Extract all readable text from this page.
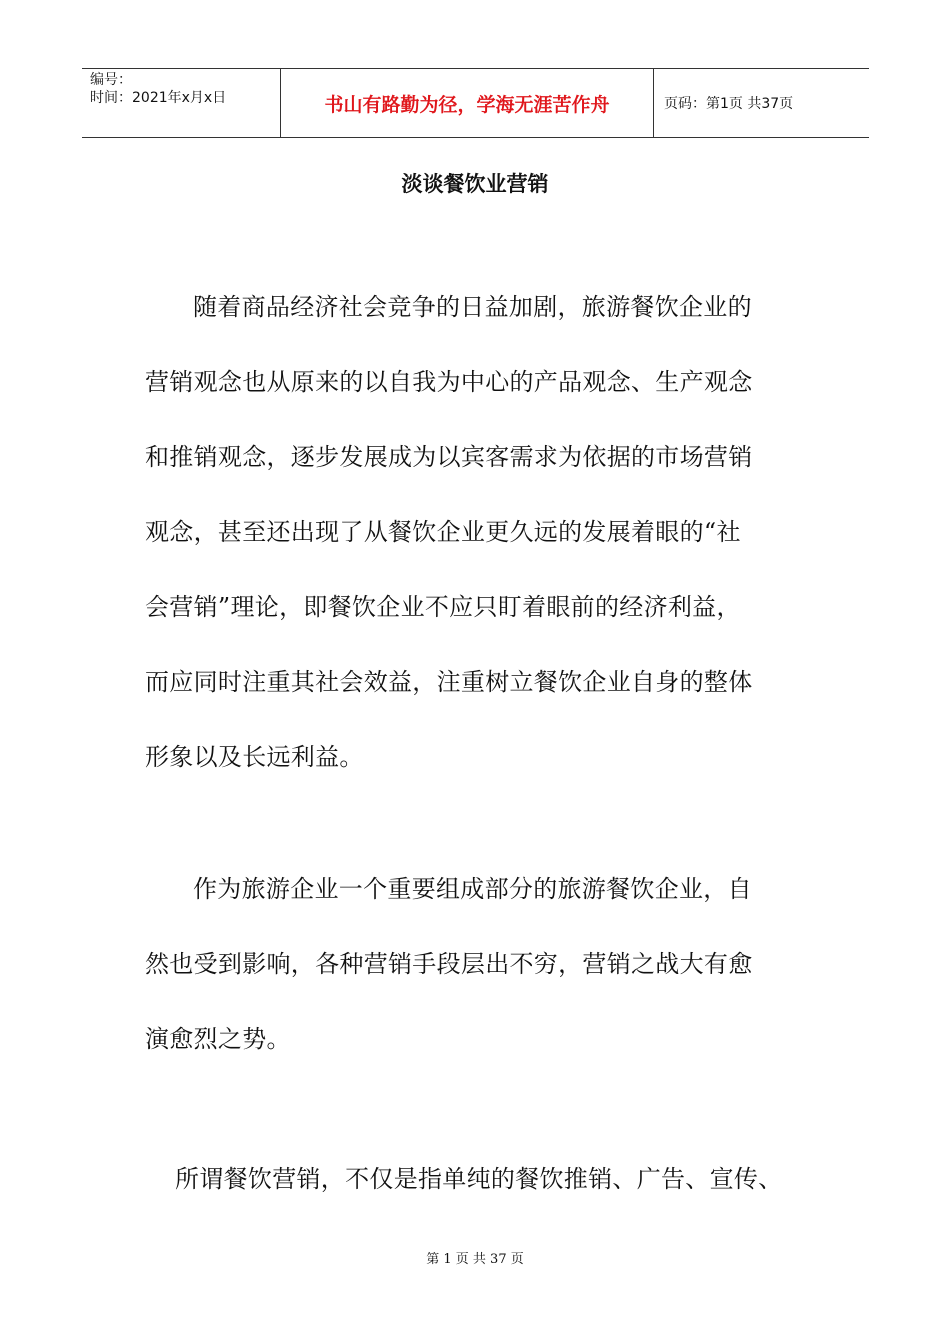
编号：
时间：2021年x月x日	书山有路勤为径，学海无涯苦作舟	页码：第1页 共37页
淡谈餐饮业营销
随着商品经济社会竞争的日益加剧，旅游餐饮企业的
营销观念也从原来的以自我为中心的产品观念、生产观念
和推销观念，逐步发展成为以宾客需求为依据的市场营销
观念，甚至还出现了从餐饮企业更久远的发展着眼的“社
会营销”理论，即餐饮企业不应只盯着眼前的经济利益，
而应同时注重其社会效益，注重树立餐饮企业自身的整体
形象以及长远利益。
作为旅游企业一个重要组成部分的旅游餐饮企业，自
然也受到影响，各种营销手段层出不穷，营销之战大有愈
演愈烈之势。
所谓餐饮营销，不仅是指单纯的餐饮推销、广告、宣传、
第 1 页 共 37 页
